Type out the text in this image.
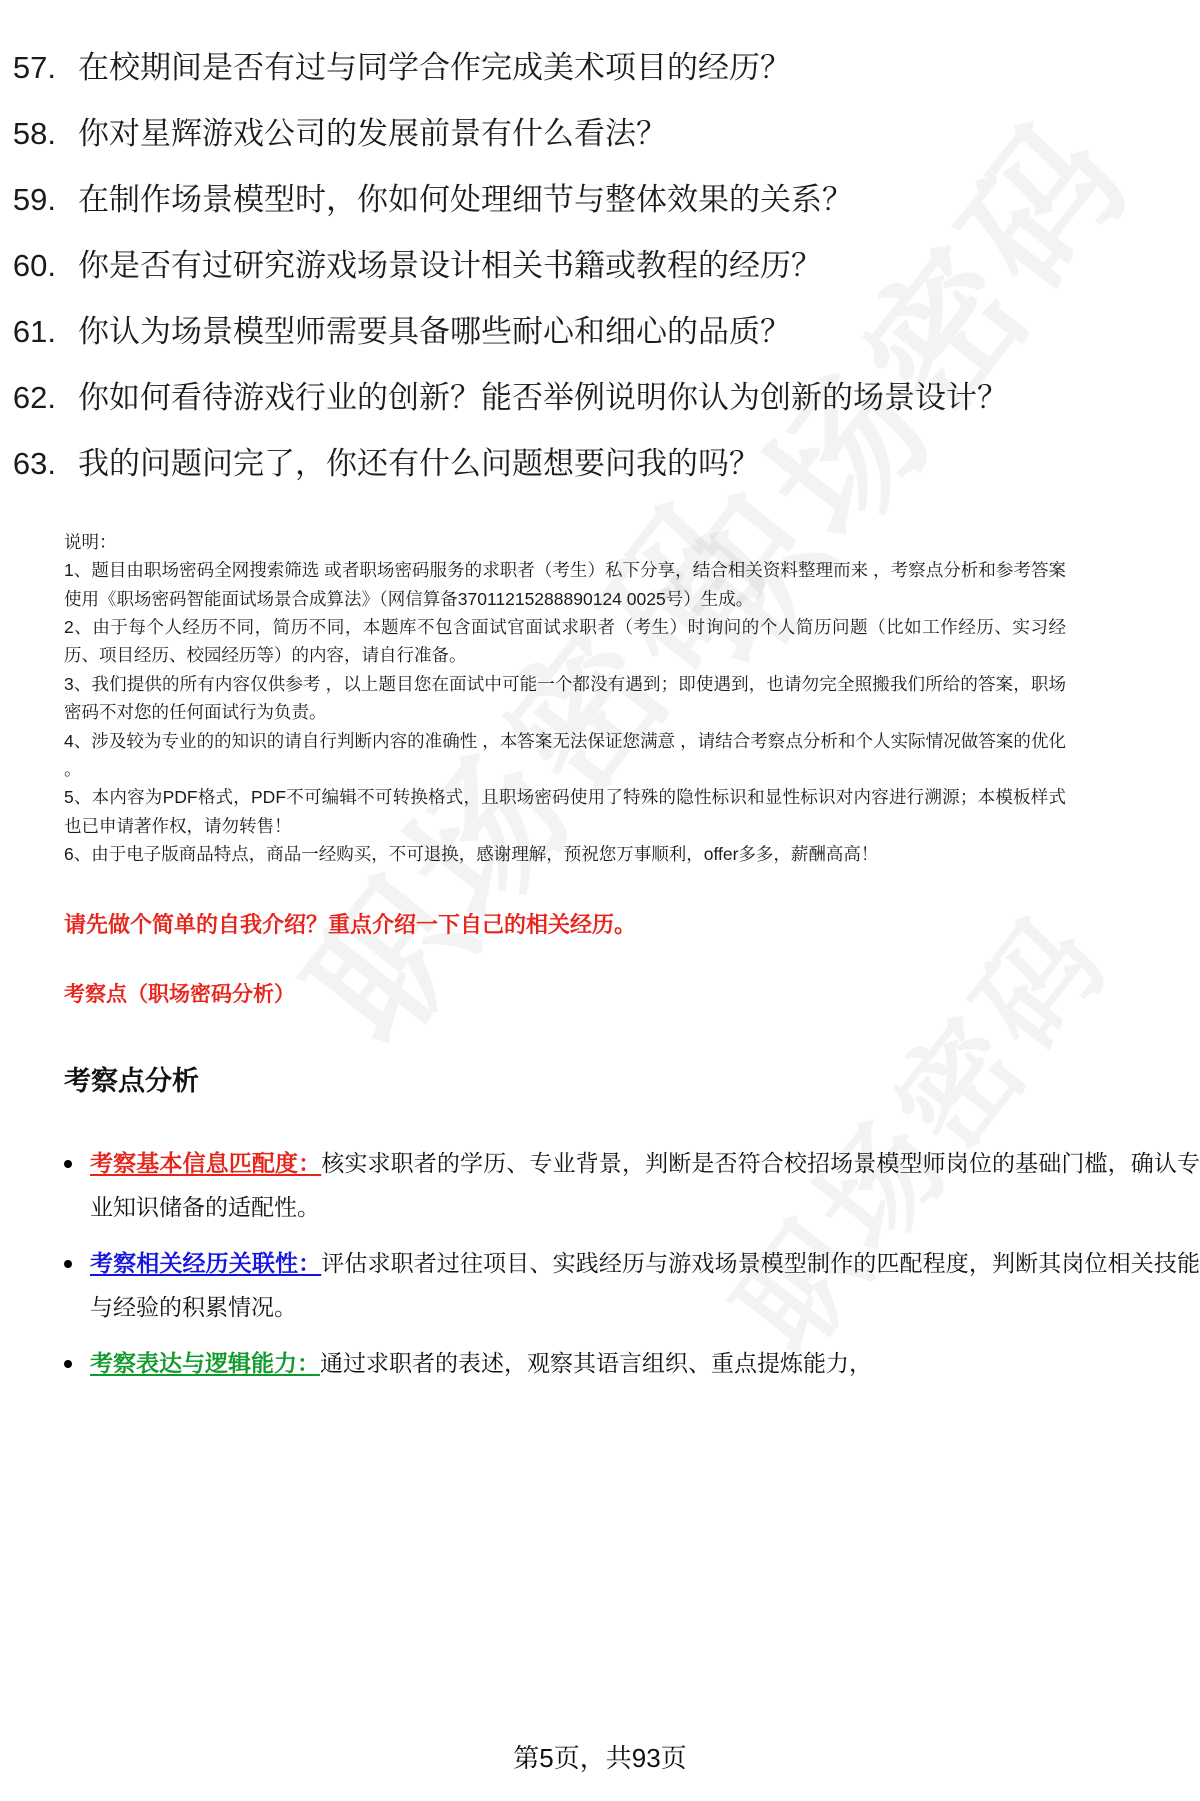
57. 在校期间是否有过与同学合作完成美术项目的经历？
58. 你对星辉游戏公司的发展前景有什么看法？
59. 在制作场景模型时，你如何处理细节与整体效果的关系？
60. 你是否有过研究游戏场景设计相关书籍或教程的经历？
61. 你认为场景模型师需要具备哪些耐心和细心的品质？
62. 你如何看待游戏行业的创新？能否举例说明你认为创新的场景设计？
63. 我的问题问完了，你还有什么问题想要问我的吗？

说明：

1、题目由职场密码全网搜索筛选 或者职场密码服务的求职者（考生）私下分享，结合相关资料整理而来 ，考察点分析和参考答案使用《职场密码智能面试场景合成算法》（网信算备37011215288890124 0025号）生成。

2、由于每个人经历不同，简历不同，本题库不包含面试官面试求职者（考生）时询问的个人简历问题（比如工作经历、实习经历、项目经历、校园经历等）的内容，请自行准备。

3、我们提供的所有内容仅供参考 ，以上题目您在面试中可能一个都没有遇到；即使遇到，也请勿完全照搬我们所给的答案，职场密码不对您的任何面试行为负责。

4、涉及较为专业的的知识的请自行判断内容的准确性 ，本答案无法保证您满意 ，请结合考察点分析和个人实际情况做答案的优化 。

5、本内容为PDF格式，PDF不可编辑不可转换格式，且职场密码使用了特殊的隐性标识和显性标识对内容进行溯源；本模板样式也已申请著作权，请勿转售！

6、由于电子版商品特点，商品一经购买，不可退换，感谢理解，预祝您万事顺利，offer多多，薪酬高高！

请先做个简单的自我介绍？重点介绍一下自己的相关经历。
考察点（职场密码分析）
考察点分析
考察基本信息匹配度：核实求职者的学历、专业背景，判断是否符合校招场景模型师岗位的基础门槛，确认专业知识储备的适配性。
考察相关经历关联性：评估求职者过往项目、实践经历与游戏场景模型制作的匹配程度，判断其岗位相关技能与经验的积累情况。
考察表达与逻辑能力：通过求职者的表述，观察其语言组织、重点提炼能力，
第5页，共93页
